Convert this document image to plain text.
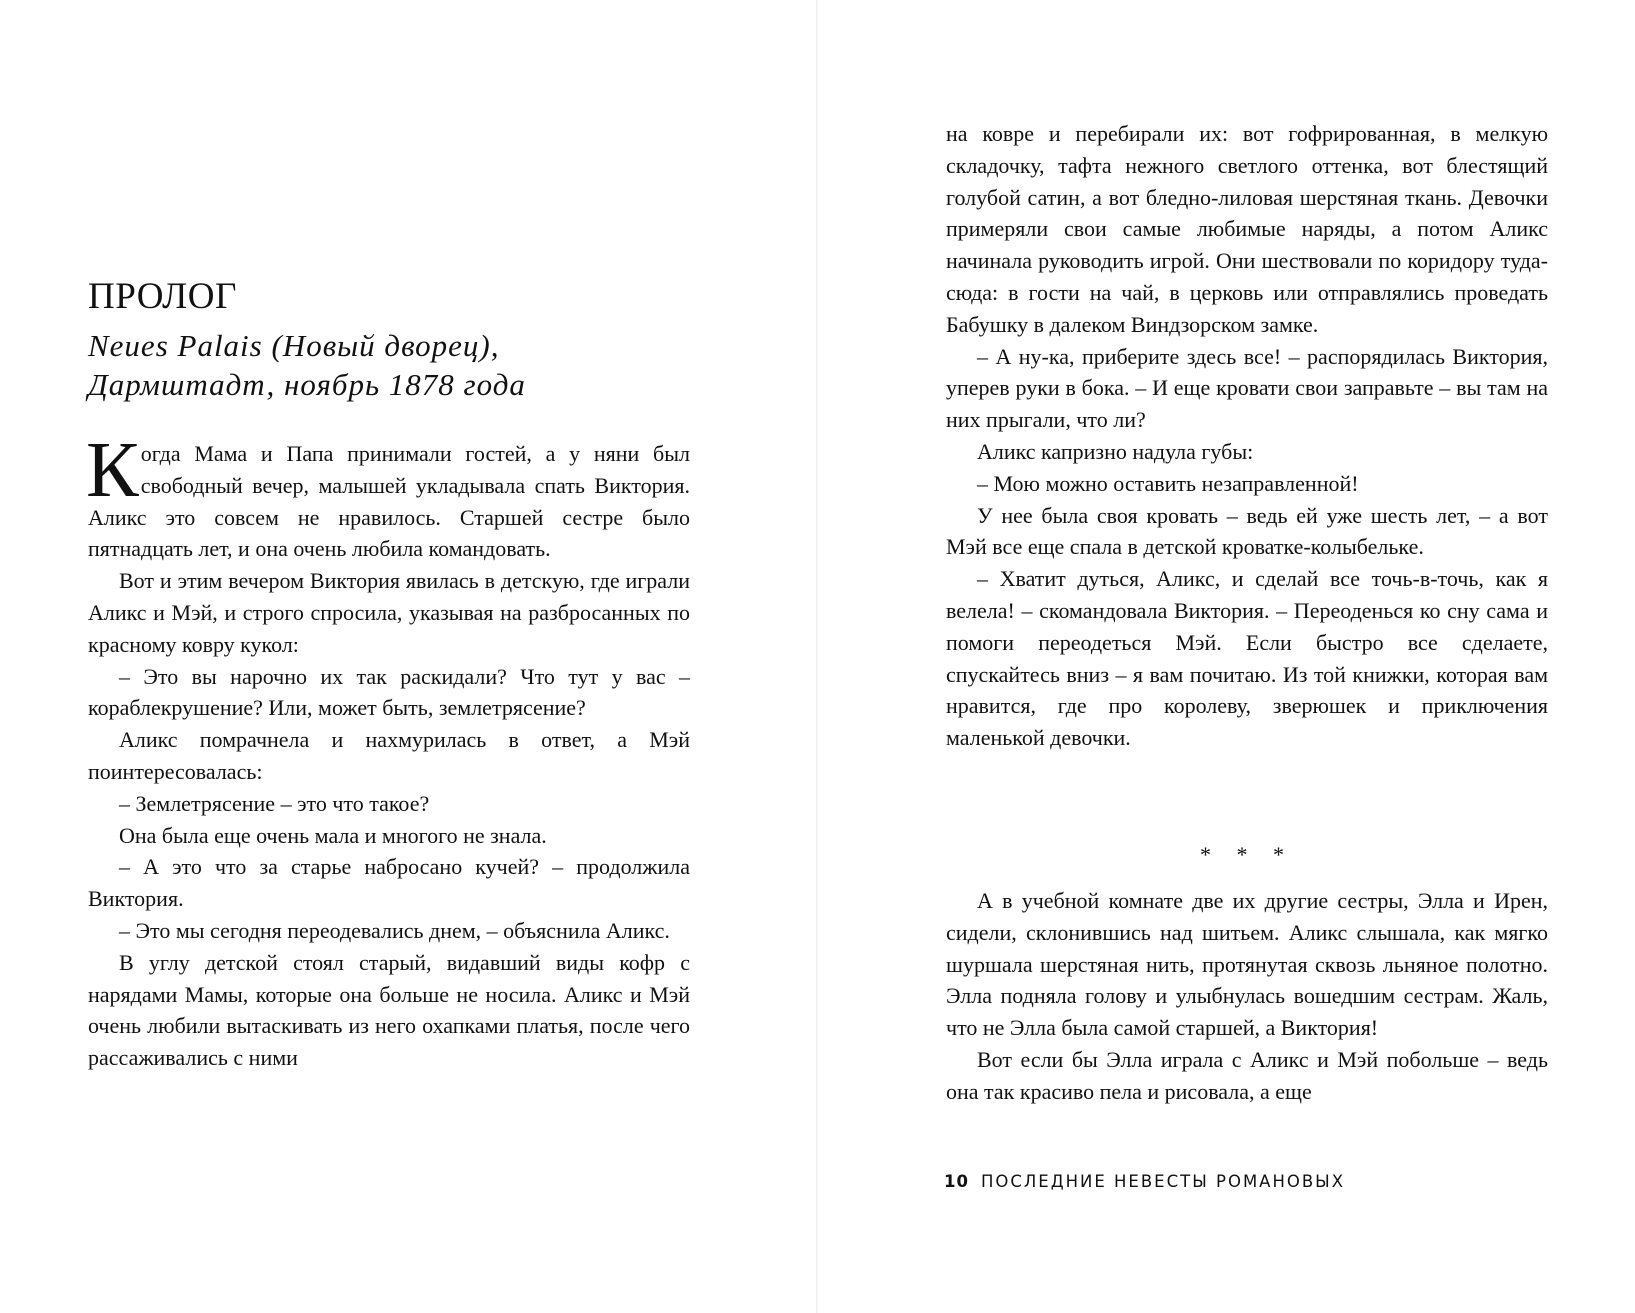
ПРОЛОГ
Neues Palais (Новый дворец),
Дармштадт, ноябрь 1878 года

Когда Мама и Папа принимали гостей, а у няни был свободный вечер, малышей укладывала спать Виктория. Аликс это совсем не нравилось. Старшей сестре было пятнадцать лет, и она очень любила командовать.

Вот и этим вечером Виктория явилась в детскую, где играли Аликс и Мэй, и строго спросила, указывая на разбросанных по красному ковру кукол:

– Это вы нарочно их так раскидали? Что тут у вас – кораблекрушение? Или, может быть, землетрясение?

Аликс помрачнела и нахмурилась в ответ, а Мэй поинтересовалась:

– Землетрясение – это что такое?

Она была еще очень мала и многого не знала.

– А это что за старье набросано кучей? – продолжила Виктория.

– Это мы сегодня переодевались днем, – объяснила Аликс.

В углу детской стоял старый, видавший виды кофр с нарядами Мамы, которые она больше не носила. Аликс и Мэй очень любили вытаскивать из него охапками платья, после чего рассаживались с ними

на ковре и перебирали их: вот гофрированная, в мелкую складочку, тафта нежного светлого оттенка, вот блестящий голубой сатин, а вот бледно-лиловая шерстяная ткань. Девочки примеряли свои самые любимые наряды, а потом Аликс начинала руководить игрой. Они шествовали по коридору туда-сюда: в гости на чай, в церковь или отправлялись проведать Бабушку в далеком Виндзорском замке.

– А ну-ка, приберите здесь все! – распорядилась Виктория, уперев руки в бока. – И еще кровати свои заправьте – вы там на них прыгали, что ли?

Аликс капризно надула губы:

– Мою можно оставить незаправленной!

У нее была своя кровать – ведь ей уже шесть лет, – а вот Мэй все еще спала в детской кроватке-колыбельке.

– Хватит дуться, Аликс, и сделай все точь-в-точь, как я велела! – скомандовала Виктория. – Переоденься ко сну сама и помоги переодеться Мэй. Если быстро все сделаете, спускайтесь вниз – я вам почитаю. Из той книжки, которая вам нравится, где про королеву, зверюшек и приключения маленькой девочки.

* * *

А в учебной комнате две их другие сестры, Элла и Ирен, сидели, склонившись над шитьем. Аликс слышала, как мягко шуршала шерстяная нить, протянутая сквозь льняное полотно. Элла подняла голову и улыбнулась вошедшим сестрам. Жаль, что не Элла была самой старшей, а Виктория!

Вот если бы Элла играла с Аликс и Мэй побольше – ведь она так красиво пела и рисовала, а еще

10 ПОСЛЕДНИЕ НЕВЕСТЫ РОМАНОВЫХ
